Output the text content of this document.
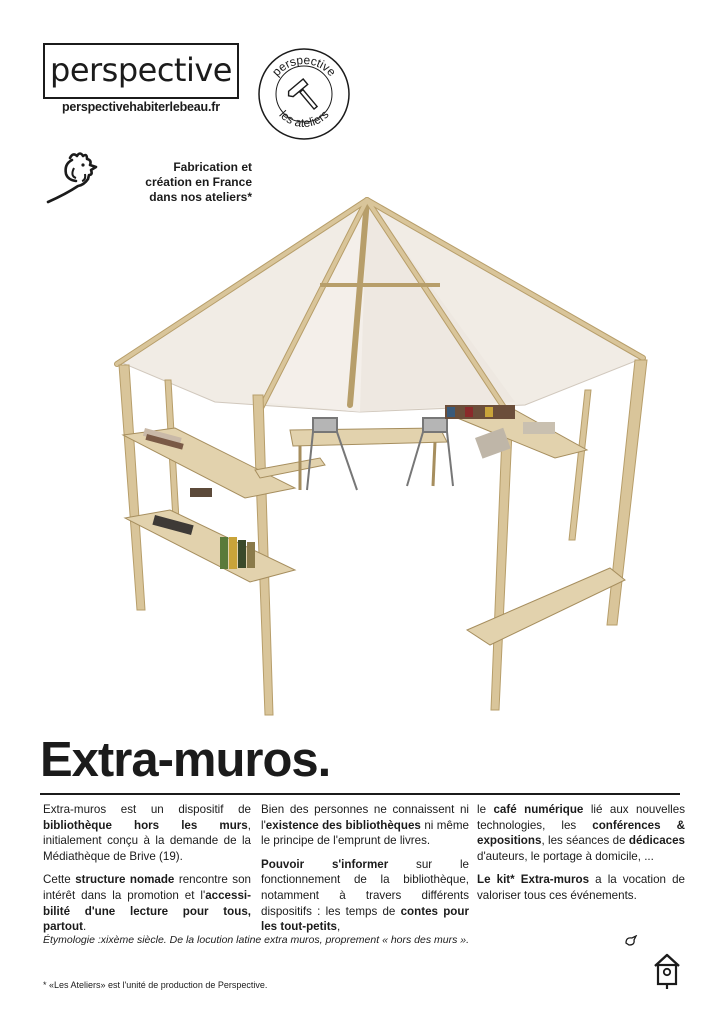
perspective
perspectivehabiterlebeau.fr
perspective
les ateliers
Fabrication et
création en France
dans nos ateliers*
Extra-muros.

Extra-muros est un dispositif de bibliothèque hors les murs, initialement conçu à la demande de la Médiathèque de Brive (19).

Cette structure nomade rencontre son intérêt dans la promotion et l'accessi-bilité d'une lecture pour tous, partout.

Bien des personnes ne connaissent ni l'existence des bibliothèques ni même le principe de l'emprunt de livres.

Pouvoir s'informer sur le fonctionnement de la bibliothèque, notamment à travers différents dispositifs : les temps de contes pour les tout-petits,

le café numérique lié aux nouvelles technologies, les conférences & expositions, les séances de dédicaces d'auteurs, le portage à domicile, ...

Le kit* Extra-muros a la vocation de valoriser tous ces événements.

Étymologie :xixème siècle. De la locution latine extra muros, proprement « hors des murs ».
* «Les Ateliers» est l'unité de production de Perspective.
